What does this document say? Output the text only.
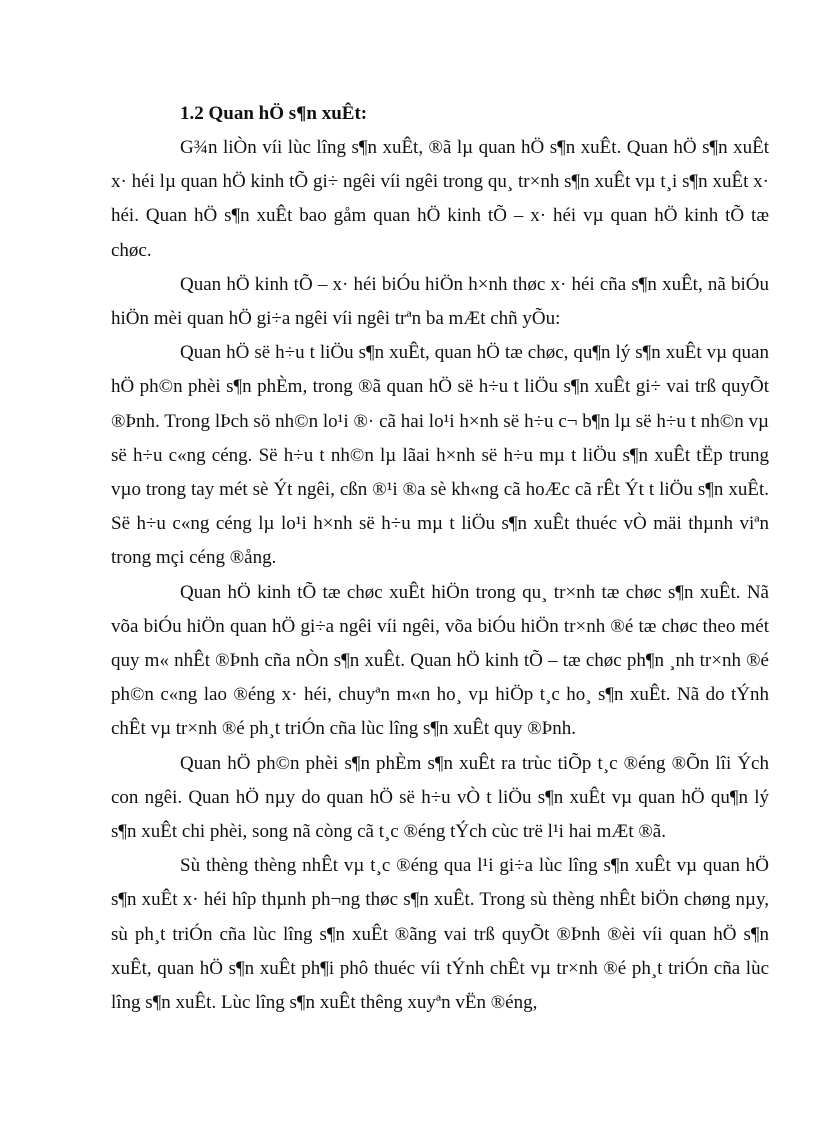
1.2 Quan hÖ s¶n xuÊt:

G¾n liÒn víi lùc lîng s¶n xuÊt, ®ã lµ quan hÖ s¶n xuÊt. Quan hÖ s¶n xuÊt x· héi lµ quan hÖ kinh tÕ gi÷ ngêi víi ngêi trong qu¸ tr×nh s¶n xuÊt vµ t¸i s¶n xuÊt x· héi. Quan hÖ s¶n xuÊt bao gåm quan hÖ kinh tÕ – x· héi vµ quan hÖ kinh tÕ tæ chøc.

Quan hÖ kinh tÕ – x· héi biÓu hiÖn h×nh thøc x· héi cña s¶n xuÊt, nã biÓu hiÖn mèi quan hÖ gi÷a ngêi víi ngêi trªn ba mÆt chñ yÕu:

Quan hÖ së h÷u t liÖu s¶n xuÊt, quan hÖ tæ chøc, qu¶n lý s¶n xuÊt vµ quan hÖ ph©n phèi s¶n phÈm, trong ®ã quan hÖ së h÷u t liÖu s¶n xuÊt gi÷ vai trß quyÕt ®Þnh. Trong lÞch sö nh©n lo¹i ®· cã hai lo¹i h×nh së h÷u c¬ b¶n lµ së h÷u t nh©n vµ së h÷u c«ng céng. Së h÷u t nh©n lµ lãai h×nh së h÷u mµ t liÖu s¶n xuÊt tËp trung vµo trong tay mét sè Ýt ngêi, cßn ®¹i ®a sè kh«ng cã hoÆc cã rÊt Ýt t liÖu s¶n xuÊt. Së h÷u c«ng céng lµ lo¹i h×nh së h÷u mµ t liÖu s¶n xuÊt thuéc vÒ mäi thµnh viªn trong mçi céng ®ång.

Quan hÖ kinh tÕ tæ chøc xuÊt hiÖn trong qu¸ tr×nh tæ chøc s¶n xuÊt. Nã võa biÓu hiÖn quan hÖ gi÷a ngêi víi ngêi, võa biÓu hiÖn tr×nh ®é tæ chøc theo mét quy m« nhÊt ®Þnh cña nÒn s¶n xuÊt. Quan hÖ kinh tÕ – tæ chøc ph¶n ¸nh tr×nh ®é ph©n c«ng lao ®éng x· héi, chuyªn m«n ho¸ vµ hiÖp t¸c ho¸ s¶n xuÊt. Nã do tÝnh chÊt vµ tr×nh ®é ph¸t triÓn cña lùc lîng s¶n xuÊt quy ®Þnh.

Quan hÖ ph©n phèi s¶n phÈm s¶n xuÊt ra trùc tiÕp t¸c ®éng ®Õn lîi Ých con ngêi. Quan hÖ nµy do quan hÖ së h÷u vÒ t liÖu s¶n xuÊt vµ quan hÖ qu¶n lý s¶n xuÊt chi phèi, song nã còng cã t¸c ®éng tÝch cùc trë l¹i hai mÆt ®ã.

Sù thèng thèng nhÊt vµ t¸c ®éng qua l¹i gi÷a lùc lîng s¶n xuÊt vµ quan hÖ s¶n xuÊt x· héi hîp thµnh ph¬ng thøc s¶n xuÊt. Trong sù thèng nhÊt biÖn chøng nµy, sù ph¸t triÓn cña lùc lîng s¶n xuÊt ®ãng vai trß quyÕt ®Þnh ®èi víi quan hÖ s¶n xuÊt, quan hÖ s¶n xuÊt ph¶i phô thuéc víi tÝnh chÊt vµ tr×nh ®é ph¸t triÓn cña lùc lîng s¶n xuÊt. Lùc lîng s¶n xuÊt thêng xuyªn vËn ®éng,
